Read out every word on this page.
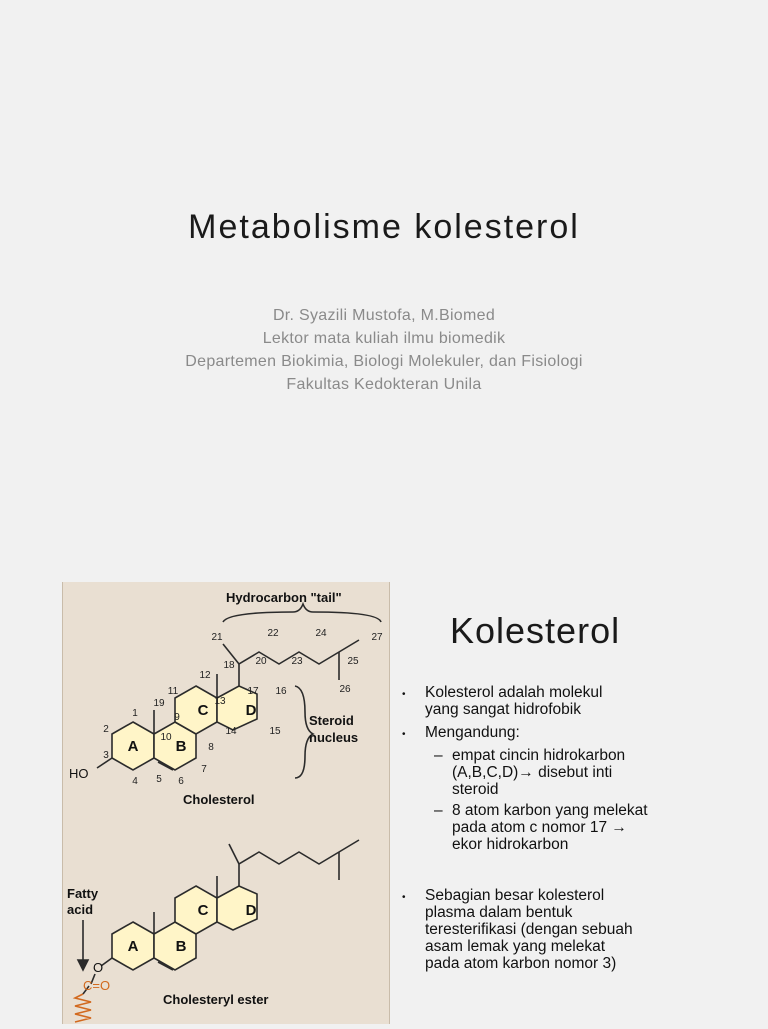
Metabolisme kolesterol
Dr. Syazili Mustofa, M.Biomed
Lektor mata kuliah ilmu biomedik
Departemen Biokimia, Biologi Molekuler, dan Fisiologi
Fakultas Kedokteran Unila
A B
C D
A B
C D
1
2
3
4 5 6
7
8
9
10
11
12
13
14	15
16
17
18
19
20
21	22
23
24
25
26
27
Hydrocarbon "tail"
Steroid
nucleus
Cholesterol
Cholesteryl ester
Fatty
acid
HO
O
C=O
Kolesterol
• Kolesterol adalah molekul
yang sangat hidrofobik
• Mengandung:
– empat cincin hidrokarbon
(A,B,C,D)→ disebut inti
steroid
– 8 atom karbon yang melekat
pada atom c nomor 17 →
ekor hidrokarbon
• Sebagian besar kolesterol
plasma dalam bentuk
teresterifikasi (dengan sebuah
asam lemak yang melekat
pada atom karbon nomor 3)
